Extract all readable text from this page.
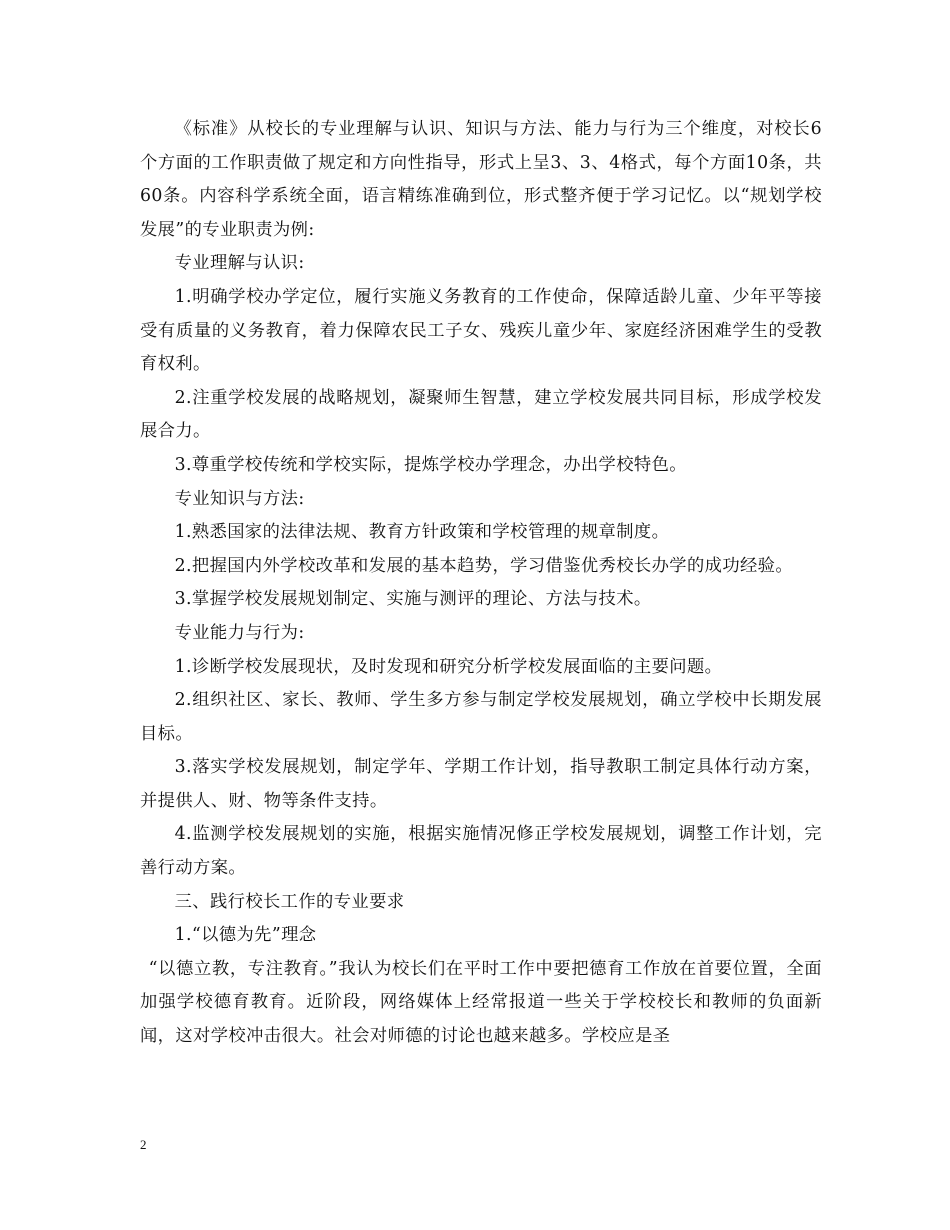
《标准》从校长的专业理解与认识、知识与方法、能力与行为三个维度，对校长6个方面的工作职责做了规定和方向性指导，形式上呈3、3、4格式，每个方面10条，共60条。内容科学系统全面，语言精练准确到位，形式整齐便于学习记忆。以“规划学校发展”的专业职责为例:

专业理解与认识:

1.明确学校办学定位，履行实施义务教育的工作使命，保障适龄儿童、少年平等接受有质量的义务教育，着力保障农民工子女、残疾儿童少年、家庭经济困难学生的受教育权利。

2.注重学校发展的战略规划，凝聚师生智慧，建立学校发展共同目标，形成学校发展合力。

3.尊重学校传统和学校实际，提炼学校办学理念，办出学校特色。

专业知识与方法:

1.熟悉国家的法律法规、教育方针政策和学校管理的规章制度。

2.把握国内外学校改革和发展的基本趋势，学习借鉴优秀校长办学的成功经验。

3.掌握学校发展规划制定、实施与测评的理论、方法与技术。

专业能力与行为:

1.诊断学校发展现状，及时发现和研究分析学校发展面临的主要问题。

2.组织社区、家长、教师、学生多方参与制定学校发展规划，确立学校中长期发展目标。

3.落实学校发展规划，制定学年、学期工作计划，指导教职工制定具体行动方案，并提供人、财、物等条件支持。

4.监测学校发展规划的实施，根据实施情况修正学校发展规划，调整工作计划，完善行动方案。

三、践行校长工作的专业要求

1.“以德为先”理念

“以德立教，专注教育。”我认为校长们在平时工作中要把德育工作放在首要位置，全面加强学校德育教育。近阶段，网络媒体上经常报道一些关于学校校长和教师的负面新闻，这对学校冲击很大。社会对师德的讨论也越来越多。学校应是圣

2
